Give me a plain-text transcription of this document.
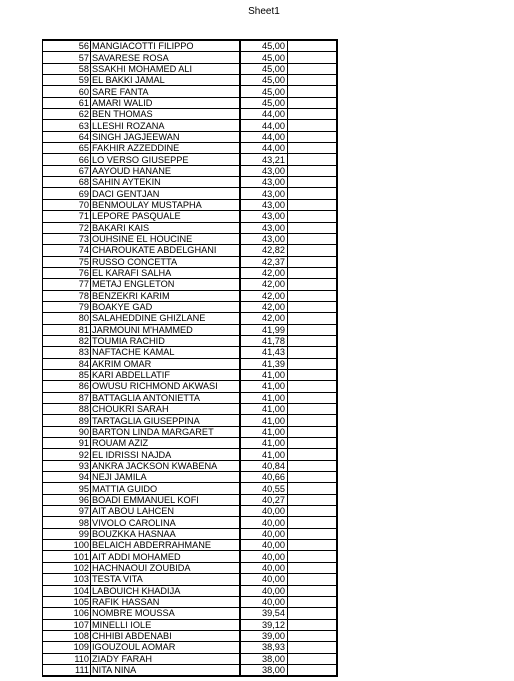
Sheet1
56	MANGIACOTTI FILIPPO	45,00	
57	SAVARESE ROSA	45,00	
58	SSAKHI MOHAMED ALI	45,00	
59	EL BAKKI JAMAL	45,00	
60	SARE FANTA	45,00	
61	AMARI WALID	45,00	
62	BEN THOMAS	44,00	
63	LLESHI ROZANA	44,00	
64	SINGH JAGJEEWAN	44,00	
65	FAKHIR AZZEDDINE	44,00	
66	LO VERSO GIUSEPPE	43,21	
67	AAYOUD HANANE	43,00	
68	SAHIN AYTEKIN	43,00	
69	DACI GENTJAN	43,00	
70	BENMOULAY MUSTAPHA	43,00	
71	LEPORE PASQUALE	43,00	
72	BAKARI KAIS	43,00	
73	OUHSINE EL HOUCINE	43,00	
74	CHAROUKATE ABDELGHANI	42,82	
75	RUSSO CONCETTA	42,37	
76	EL KARAFI SALHA	42,00	
77	METAJ ENGLETON	42,00	
78	BENZEKRI KARIM	42,00	
79	BOAKYE GAD	42,00	
80	SALAHEDDINE GHIZLANE	42,00	
81	JARMOUNI M'HAMMED	41,99	
82	TOUMIA RACHID	41,78	
83	NAFTACHE KAMAL	41,43	
84	AKRIM OMAR	41,39	
85	KARI ABDELLATIF	41,00	
86	OWUSU RICHMOND AKWASI	41,00	
87	BATTAGLIA ANTONIETTA	41,00	
88	CHOUKRI SARAH	41,00	
89	TARTAGLIA GIUSEPPINA	41,00	
90	BARTON LINDA MARGARET	41,00	
91	ROUAM AZIZ	41,00	
92	EL IDRISSI NAJDA	41,00	
93	ANKRA JACKSON KWABENA	40,84	
94	NEJI JAMILA	40,66	
95	MATTIA GUIDO	40,55	
96	BOADI EMMANUEL KOFI	40,27	
97	AIT ABOU LAHCEN	40,00	
98	VIVOLO CAROLINA	40,00	
99	BOUZKKA HASNAA	40,00	
100	BELAICH ABDERRAHMANE	40,00	
101	AIT ADDI MOHAMED	40,00	
102	HACHNAOUI ZOUBIDA	40,00	
103	TESTA VITA	40,00	
104	LABOUICH KHADIJA	40,00	
105	RAFIK HASSAN	40,00	
106	NOMBRE MOUSSA	39,54	
107	MINELLI IOLE	39,12	
108	CHHIBI ABDENABI	39,00	
109	IGOUZOUL AOMAR	38,93	
110	ZIADY FARAH	38,00	
111	NITA NINA	38,00	
